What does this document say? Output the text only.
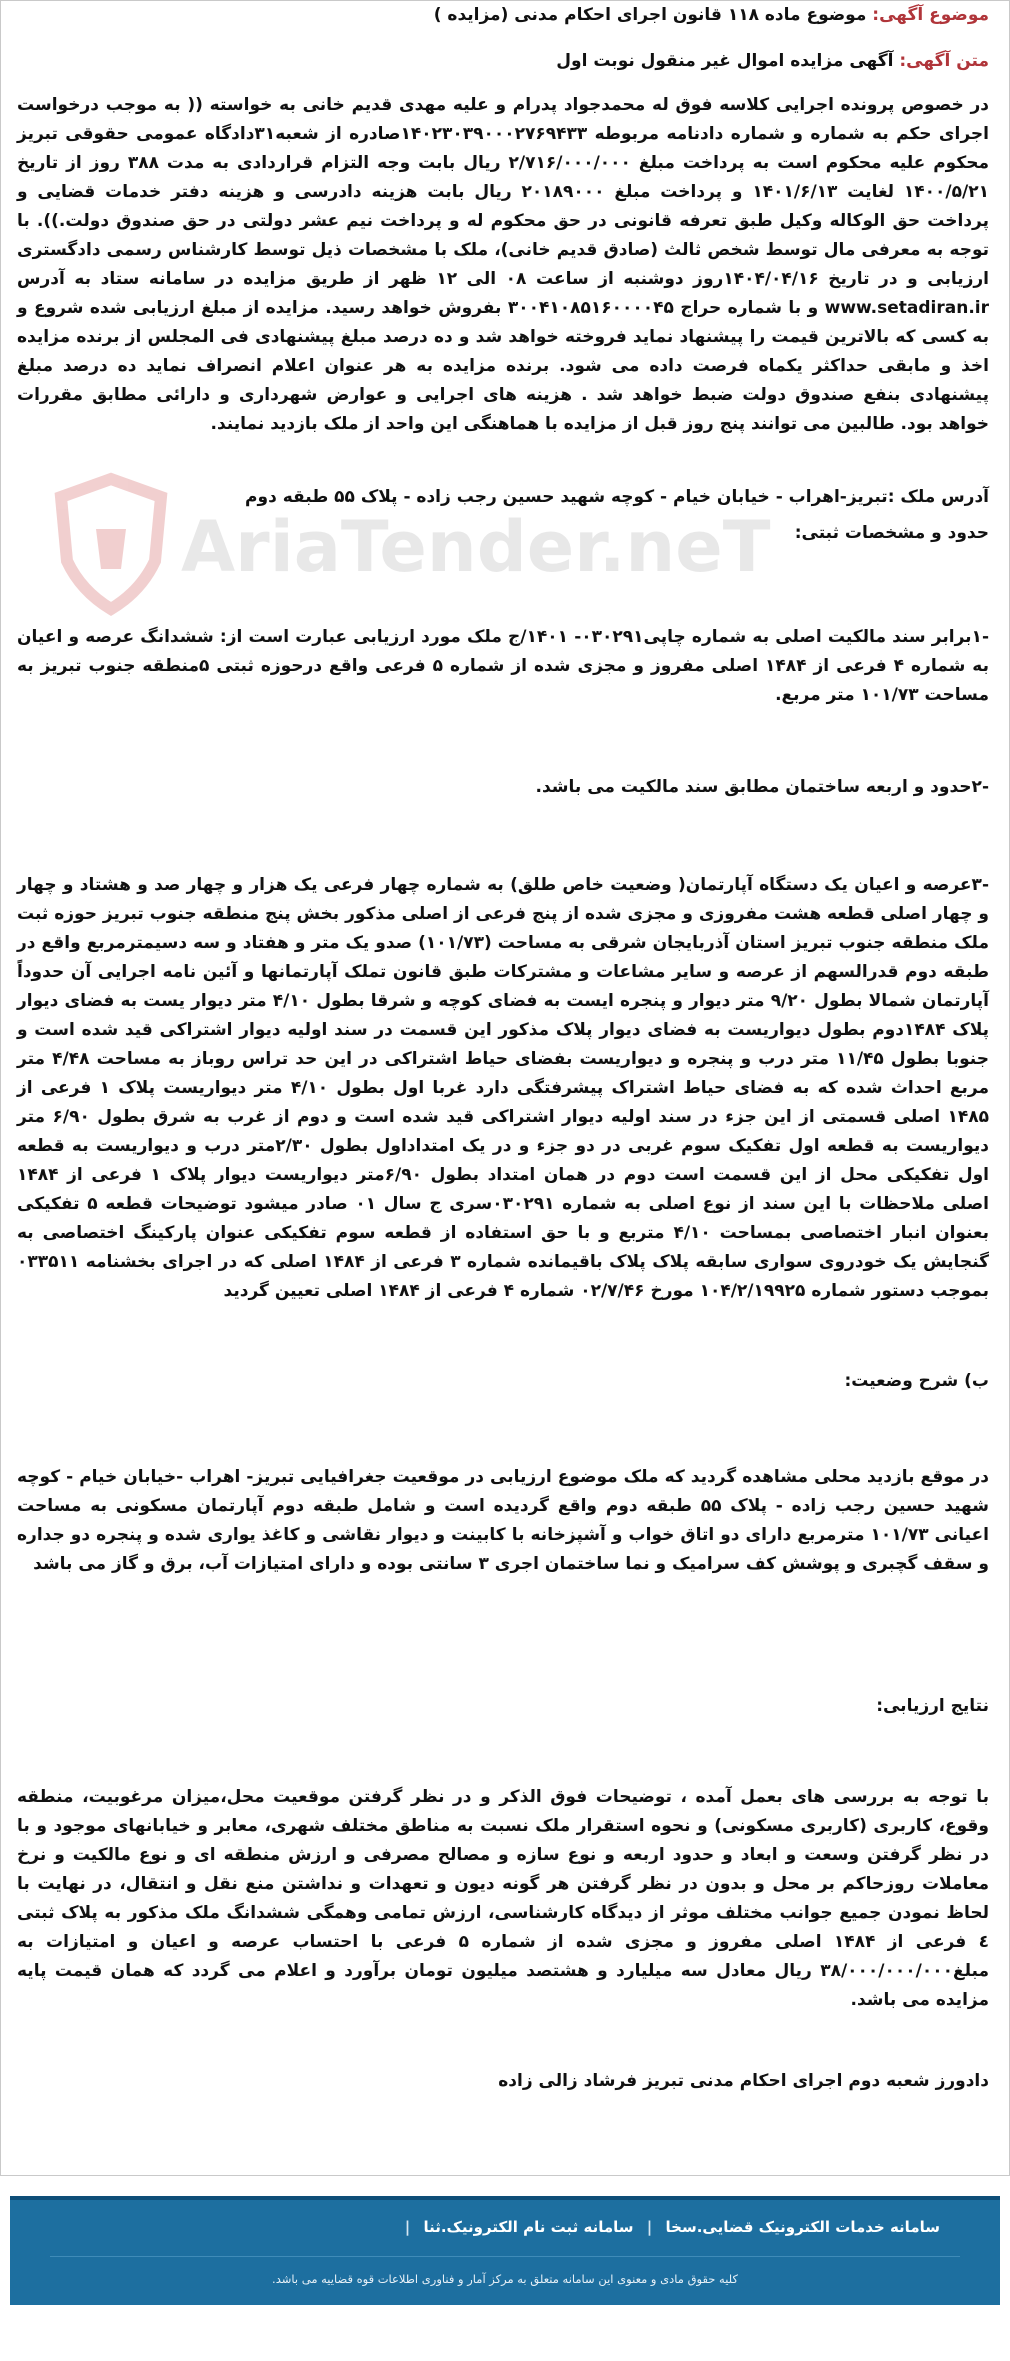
موضوع آگهی: موضوع ماده ۱۱۸ قانون اجرای احکام مدنی (مزایده )
متن آگهی: آگهی مزایده اموال غیر منقول نوبت اول

در خصوص پرونده اجرایی کلاسه فوق له محمدجواد پدرام و علیه مهدی قدیم خانی به خواسته (( به موجب درخواست اجرای حکم به شماره و شماره دادنامه مربوطه ۱۴۰۲۳۰۳۹۰۰۰۲۷۶۹۴۳۳صادره از شعبه۳۱دادگاه عمومی حقوقی تبریز محکوم علیه محکوم است به پرداخت مبلغ ۲/۷۱۶/۰۰۰/۰۰۰ ریال بابت وجه التزام قراردادی به مدت ۳۸۸ روز از تاریخ ۱۴۰۰/۵/۲۱ لغایت ۱۴۰۱/۶/۱۳ و پرداخت مبلغ ۲۰۱۸۹۰۰۰ ریال بابت هزینه دادرسی و هزینه دفتر خدمات قضایی و پرداخت حق الوکاله وکیل طبق تعرفه قانونی در حق محکوم له و پرداخت نیم عشر دولتی در حق صندوق دولت.)). با توجه به معرفی مال توسط شخص ثالث (صادق قدیم خانی)، ملک با مشخصات ذیل توسط کارشناس رسمی دادگستری ارزیابی و در تاریخ ۱۴۰۴/۰۴/۱۶روز دوشنبه از ساعت ۰۸ الی ۱۲ ظهر از طریق مزایده در سامانه ستاد به آدرس www.setadiran.ir و با شماره حراج ۳۰۰۴۱۰۸۵۱۶۰۰۰۰۴۵ بفروش خواهد رسید. مزایده از مبلغ ارزیابی شده شروع و به کسی که بالاترین قیمت را پیشنهاد نماید فروخته خواهد شد و ده درصد مبلغ پیشنهادی فی المجلس از برنده مزایده اخذ و مابقی حداکثر یکماه فرصت داده می شود. برنده مزایده به هر عنوان اعلام انصراف نماید ده درصد مبلغ پیشنهادی بنفع صندوق دولت ضبط خواهد شد . هزینه های اجرایی و عوارض شهرداری و دارائی مطابق مقررات خواهد بود. طالبین می توانند پنج روز قبل از مزایده با هماهنگی این واحد از ملک بازدید نمایند.

آدرس ملک :تبریز-اهراب - خیابان خیام - کوچه شهید حسین رجب زاده - پلاک ۵۵ طبقه دوم
حدود و مشخصات ثبتی:
AriaTender.neT

-۱برابر سند مالکیت اصلی به شماره چاپی۰۳۰۲۹۱- ۱۴۰۱/ج ملک مورد ارزیابی عبارت است از: ششدانگ عرصه و اعیان به شماره ۴ فرعی از ۱۴۸۴ اصلی مفروز و مجزی شده از شماره ۵ فرعی واقع درحوزه ثبتی ۵منطقه جنوب تبریز به مساحت ۱۰۱/۷۳ متر مربع.

-۲حدود و اربعه ساختمان مطابق سند مالکیت می باشد.

-۳عرصه و اعیان یک دستگاه آپارتمان( وضعیت خاص طلق) به شماره چهار فرعی یک هزار و چهار صد و هشتاد و چهار و چهار اصلی قطعه هشت مفروزی و مجزی شده از پنج فرعی از اصلی مذکور بخش پنج منطقه جنوب تبریز حوزه ثبت ملک منطقه جنوب تبریز استان آذربایجان شرقی به مساحت (۱۰۱/۷۳) صدو یک متر و هفتاد و سه دسیمترمربع واقع در طبقه دوم قدرالسهم از عرصه و سایر مشاعات و مشترکات طبق قانون تملک آپارتمانها و آئین نامه اجرایی آن حدوداً آپارتمان شمالا بطول ۹/۲۰ متر دیوار و پنجره ایست به فضای کوچه و شرقا بطول ۴/۱۰ متر دیوار یست به فضای دیوار پلاک ۱۴۸۴دوم بطول دیواریست به فضای دیوار پلاک مذکور این قسمت در سند اولیه دیوار اشتراکی قید شده است و جنوبا بطول ۱۱/۴۵ متر درب و پنجره و دیواریست بفضای حیاط اشتراکی در این حد تراس روباز به مساحت ۴/۴۸ متر مربع احداث شده که به فضای حیاط اشتراک پیشرفتگی دارد غربا اول بطول ۴/۱۰ متر دیواریست پلاک ۱ فرعی از ۱۴۸۵ اصلی قسمتی از این جزء در سند اولیه دیوار اشتراکی قید شده است و دوم از غرب به شرق بطول ۶/۹۰ متر دیواریست به قطعه اول تفکیک سوم غربی در دو جزء و در یک امتداداول بطول ۲/۳۰متر درب و دیواریست به قطعه اول تفکیکی محل از این قسمت است دوم در همان امتداد بطول ۶/۹۰متر دیواریست دیوار پلاک ۱ فرعی از ۱۴۸۴ اصلی ملاحظات با این سند از نوع اصلی به شماره ۰۳۰۲۹۱سری ج سال ۰۱ صادر میشود توضیحات قطعه ۵ تفکیکی بعنوان انبار اختصاصی بمساحت ۴/۱۰ متربع و با حق استفاده از قطعه سوم تفکیکی عنوان پارکینگ اختصاصی به گنجایش یک خودروی سواری سابقه پلاک پلاک باقیمانده شماره ۳ فرعی از ۱۴۸۴ اصلی که در اجرای بخشنامه ۰۳۳۵۱۱ بموجب دستور شماره ۱۰۴/۲/۱۹۹۲۵ مورخ ۰۲/۷/۴۶ شماره ۴ فرعی از ۱۴۸۴ اصلی تعیین گردید

ب) شرح وضعیت:

در موقع بازدید محلی مشاهده گردید که ملک موضوع ارزیابی در موقعیت جغرافیایی تبریز- اهراب -خیابان خیام - کوچه شهید حسین رجب زاده - پلاک ۵۵ طبقه دوم واقع گردیده است و شامل طبقه دوم آپارتمان مسکونی به مساحت اعیانی ۱۰۱/۷۳ مترمربع دارای دو اتاق خواب و آشپزخانه با کابینت و دیوار نقاشی و کاغذ یواری شده و پنجره دو جداره و سقف گچبری و پوشش کف سرامیک و نما ساختمان اجری ۳ سانتی بوده و دارای امتیازات آب، برق و گاز می باشد

نتایج ارزیابی:

با توجه به بررسی های بعمل آمده ، توضیحات فوق الذکر و در نظر گرفتن موقعیت محل،میزان مرغوبیت، منطقه وقوع، کاربری (کاربری مسکونی) و نحوه استقرار ملک نسبت به مناطق مختلف شهری، معابر و خیابانهای موجود و با در نظر گرفتن وسعت و ابعاد و حدود اربعه و نوع سازه و مصالح مصرفی و ارزش منطقه ای و نوع مالکیت و نرخ معاملات روزحاکم بر محل و بدون در نظر گرفتن هر گونه دیون و تعهدات و نداشتن منع نقل و انتقال، در نهایت با لحاظ نمودن جمیع جوانب مختلف موثر از دیدگاه کارشناسی، ارزش تمامی وهمگی ششدانگ ملک مذکور به پلاک ثبتی ٤ فرعی از ۱۴۸۴ اصلی مفروز و مجزی شده از شماره ۵ فرعی با احتساب عرصه و اعیان و امتیازات به مبلغ۳۸/۰۰۰/۰۰۰/۰۰۰ ریال معادل سه میلیارد و هشتصد میلیون تومان برآورد و اعلام می گردد که همان قیمت پایه مزایده می باشد.

دادورز شعبه دوم اجرای احکام مدنی تبریز فرشاد زالی زاده
سامانه خدمات الکترونیک قضایی.سخا | سامانه ثبت نام الکترونیک.ثنا |
کلیه حقوق مادی و معنوی این سامانه متعلق به مرکز آمار و فناوری اطلاعات قوه قضاییه می باشد.
